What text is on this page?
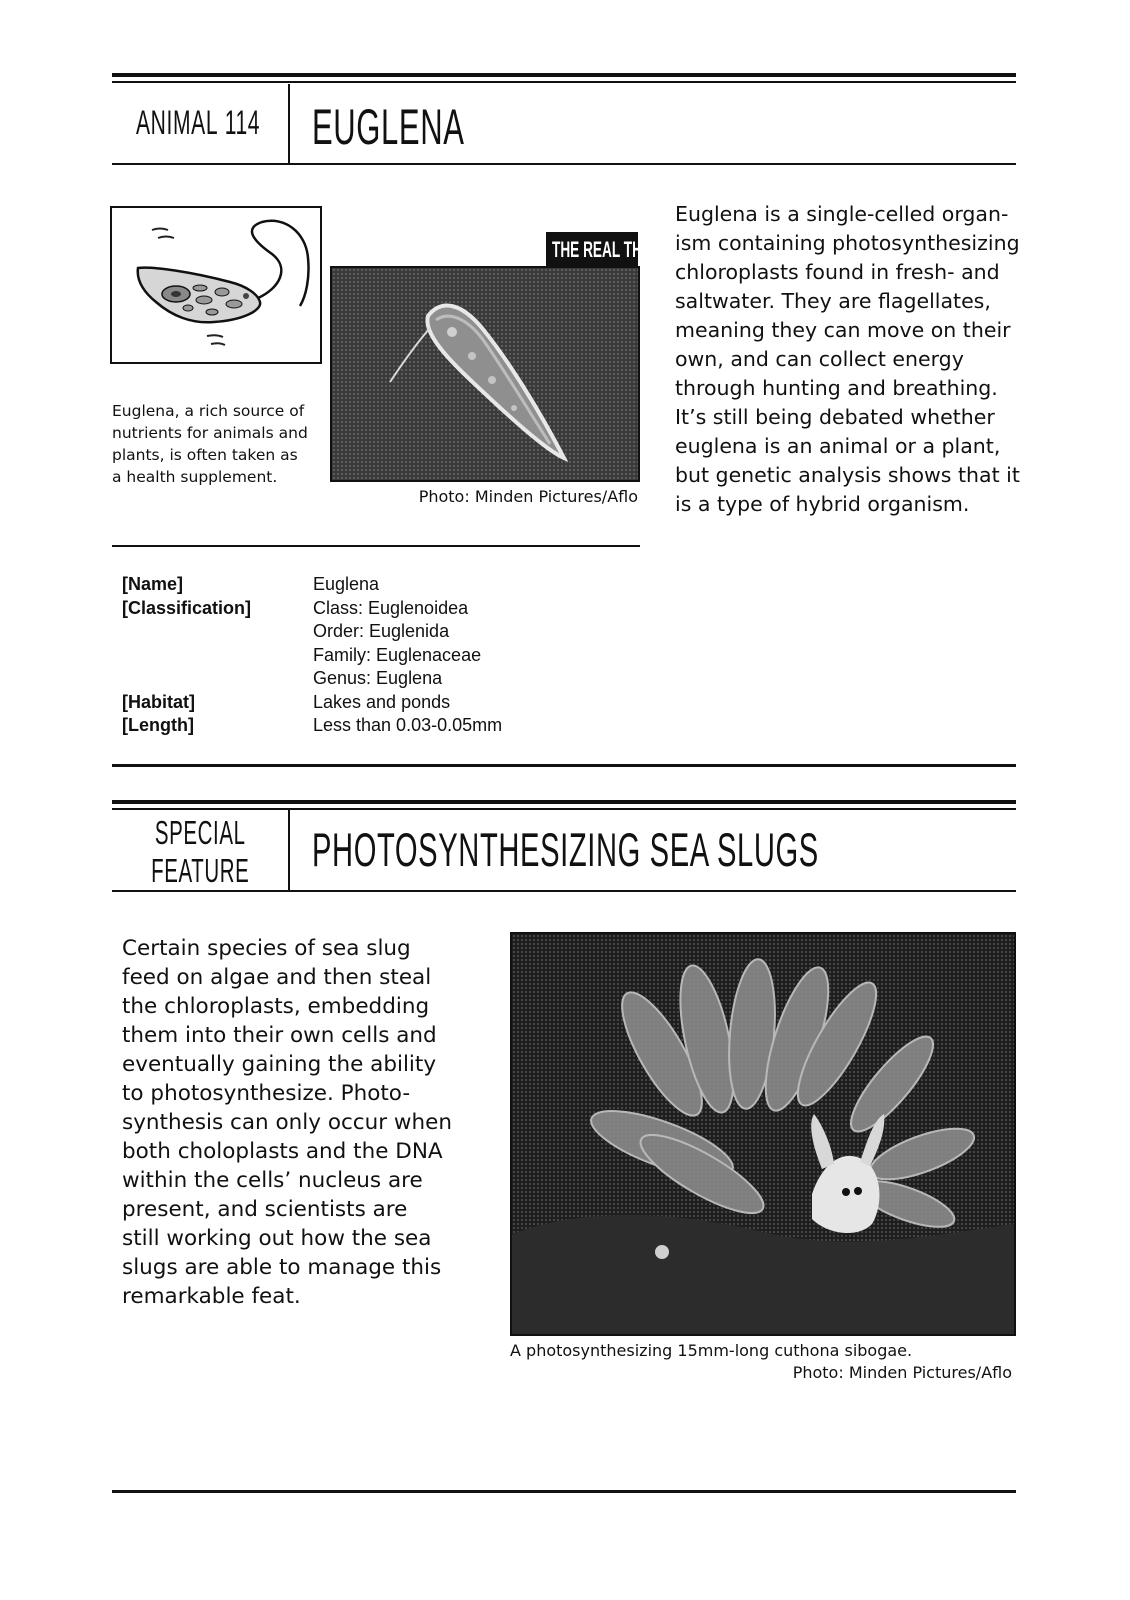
ANIMAL 114	EUGLENA
Euglena, a rich source of nutrients for animals and plants, is often taken as a health supplement.
THE REAL THING
Photo: Minden Pictures/Aflo
Euglena is a single-celled organ-
ism containing photosynthesizing
chloroplasts found in fresh- and
saltwater. They are flagellates,
meaning they can move on their
own, and can collect energy
through hunting and breathing.
It’s still being debated whether
euglena is an animal or a plant,
but genetic analysis shows that it
is a type of hybrid organism.
[Name]
[Classification]
[Habitat]
[Length]
Euglena
Class: Euglenoidea
Order: Euglenida
Family: Euglenaceae
Genus: Euglena
Lakes and ponds
Less than 0.03-0.05mm
SPECIAL
FEATURE	PHOTOSYNTHESIZING SEA SLUGS
Certain species of sea slug
feed on algae and then steal
the chloroplasts, embedding
them into their own cells and
eventually gaining the ability
to photosynthesize. Photo-
synthesis can only occur when
both choloplasts and the DNA
within the cells’ nucleus are
present, and scientists are
still working out how the sea
slugs are able to manage this
remarkable feat.
A photosynthesizing 15mm-long cuthona sibogae.
Photo: Minden Pictures/Aflo
